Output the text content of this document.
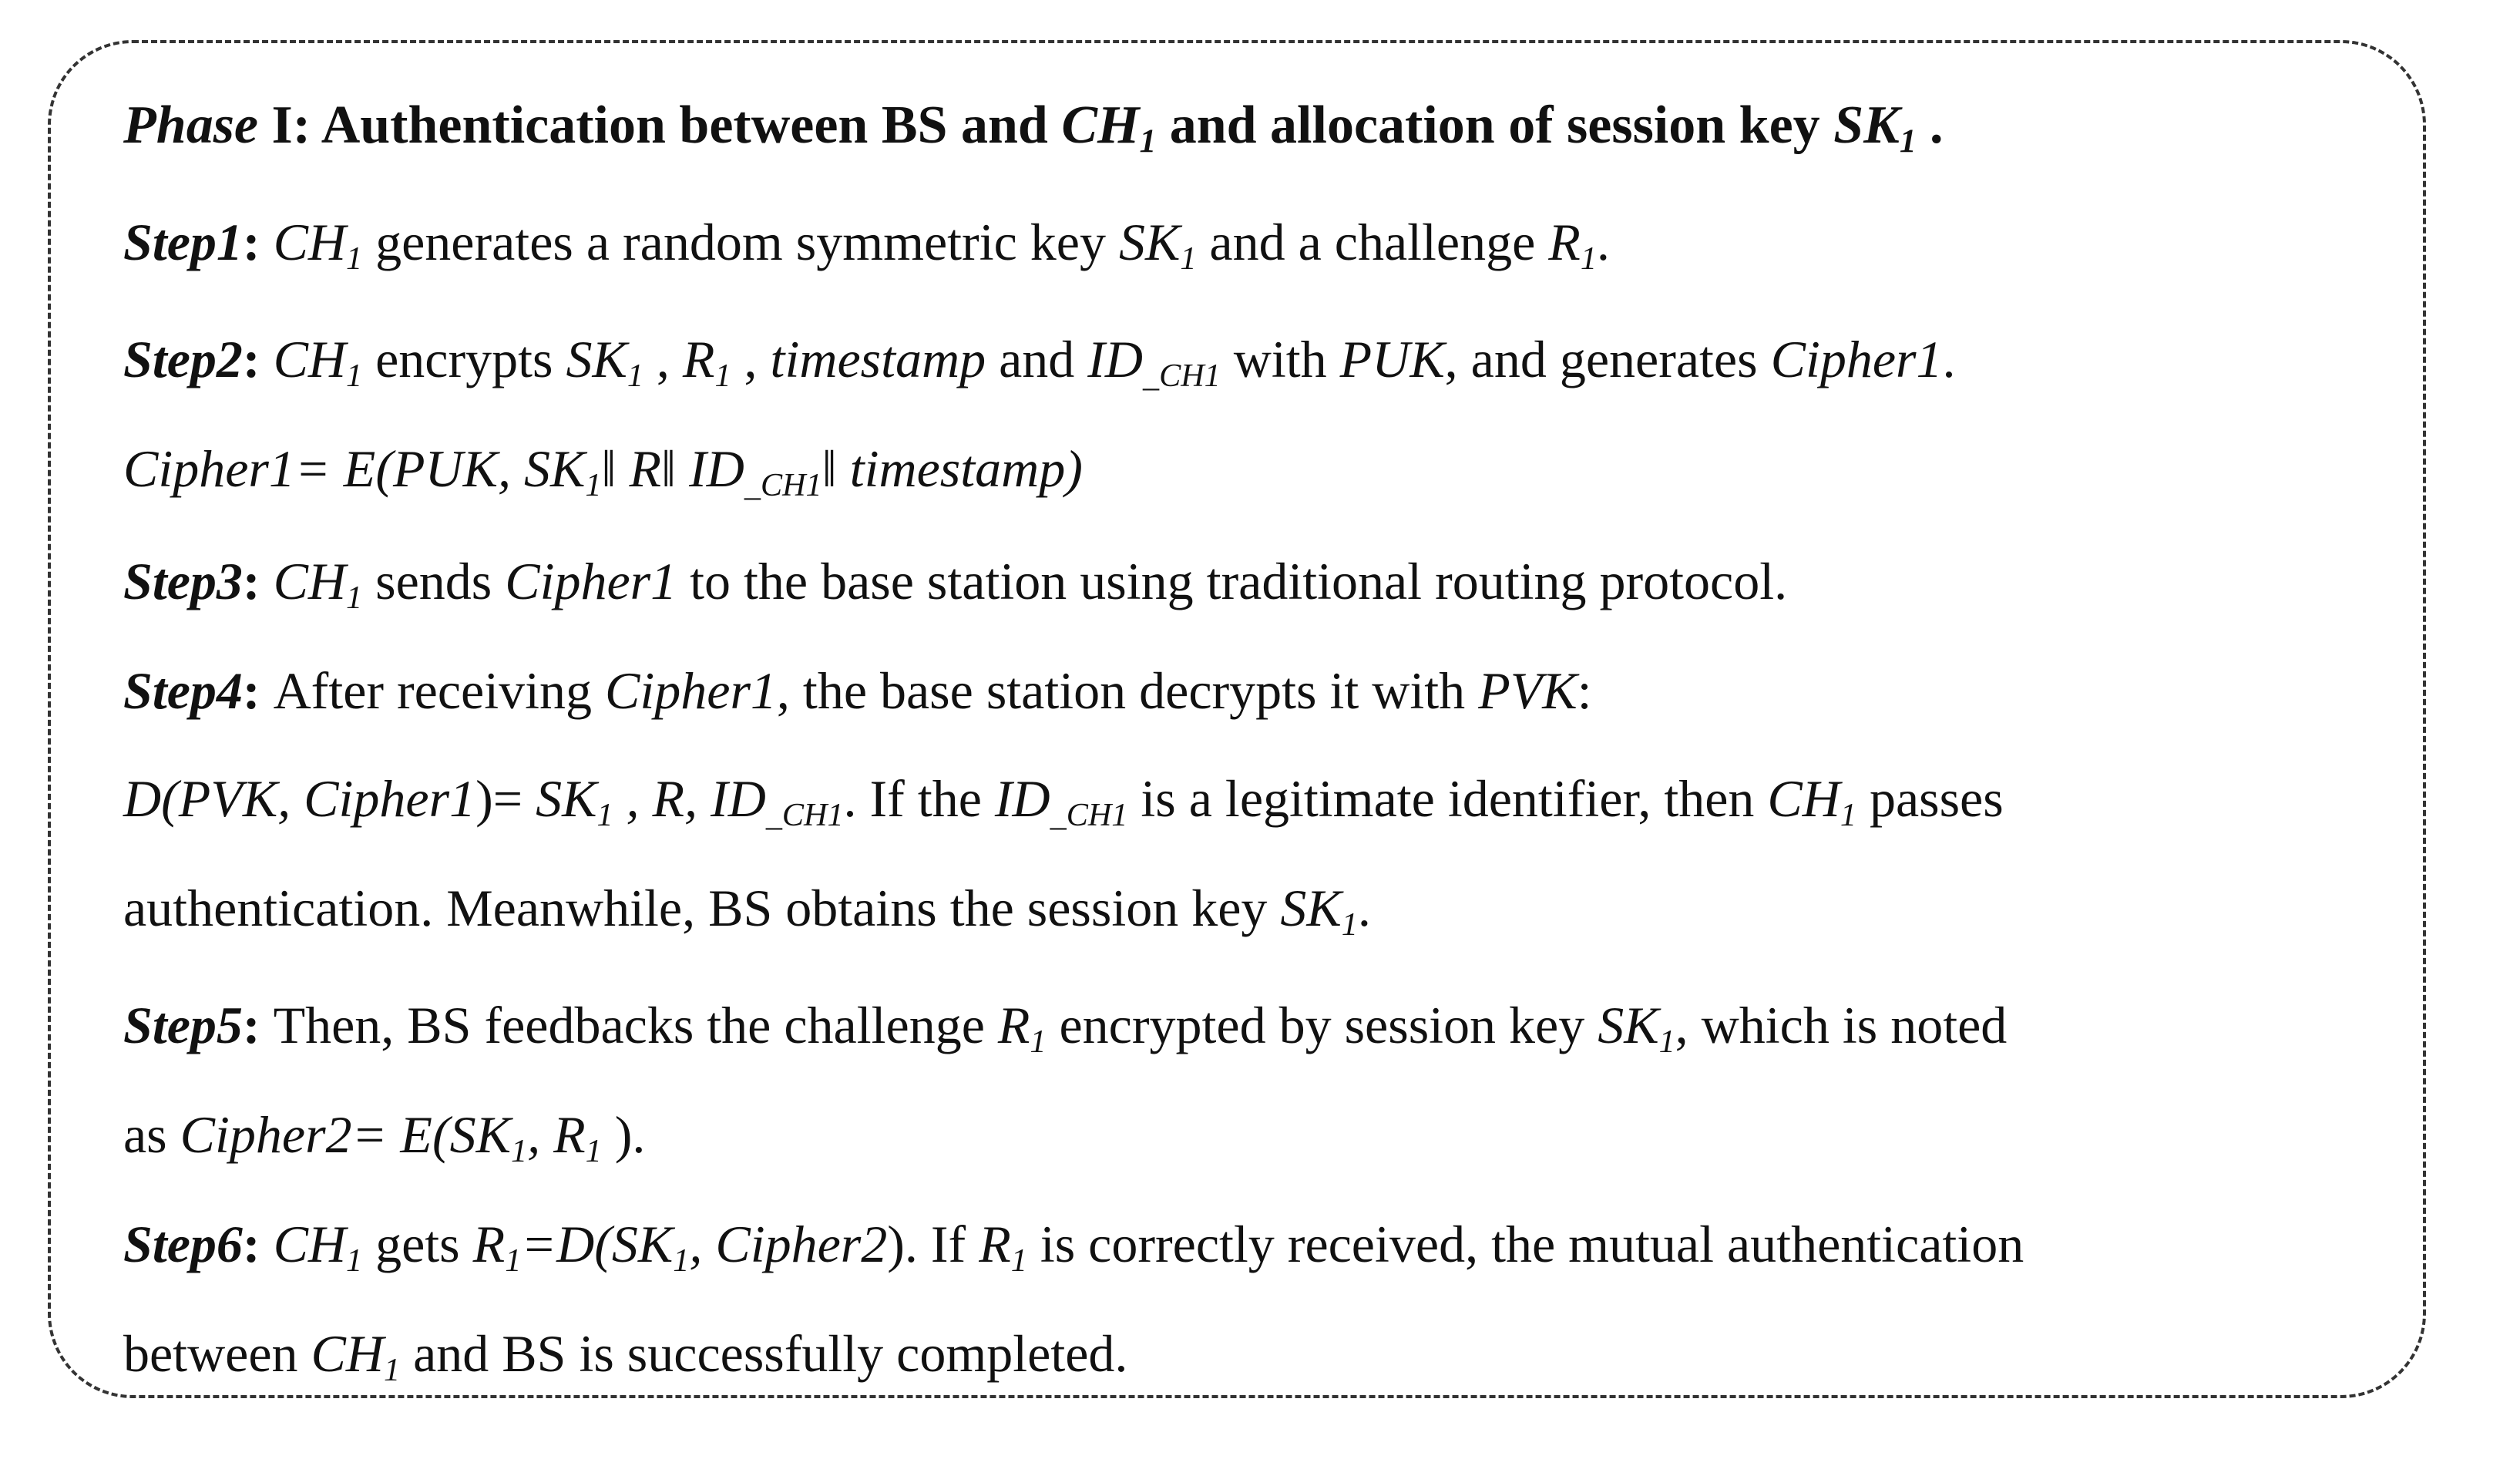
Phase I: Authentication between BS and $CH_1$ and allocation of session key $SK_1$ .
Step1: $CH_1$ generates a random symmetric key $SK_1$ and a challenge $R_1$.
Step2: $CH_1$ encrypts $SK_1$ , $R_1$ , timestamp and $ID_{\_CH1}$ with PUK, and generates Cipher1.
Cipher1= E(PUK, $SK_1‖$ R‖ $ID_{\_CH1}‖$ timestamp)
Step3: $CH_1$ sends Cipher1 to the base station using traditional routing protocol.
Step4: After receiving Cipher1, the base station decrypts it with PVK:
D(PVK, Cipher1)= $SK_1$ , R, $ID_{\_CH1}$. If the $ID_{\_CH1}$ is a legitimate identifier, then $CH_1$ passes
authentication. Meanwhile, BS obtains the session key $SK_1$.
Step5: Then, BS feedbacks the challenge $R_1$ encrypted by session key $SK_1$, which is noted
as Cipher2= $E(SK_1$, $R_1$ ).
Step6: $CH_1$ gets $R_1=D(SK_1$, Cipher2). If $R_1$ is correctly received, the mutual authentication
between $CH_1$ and BS is successfully completed.
